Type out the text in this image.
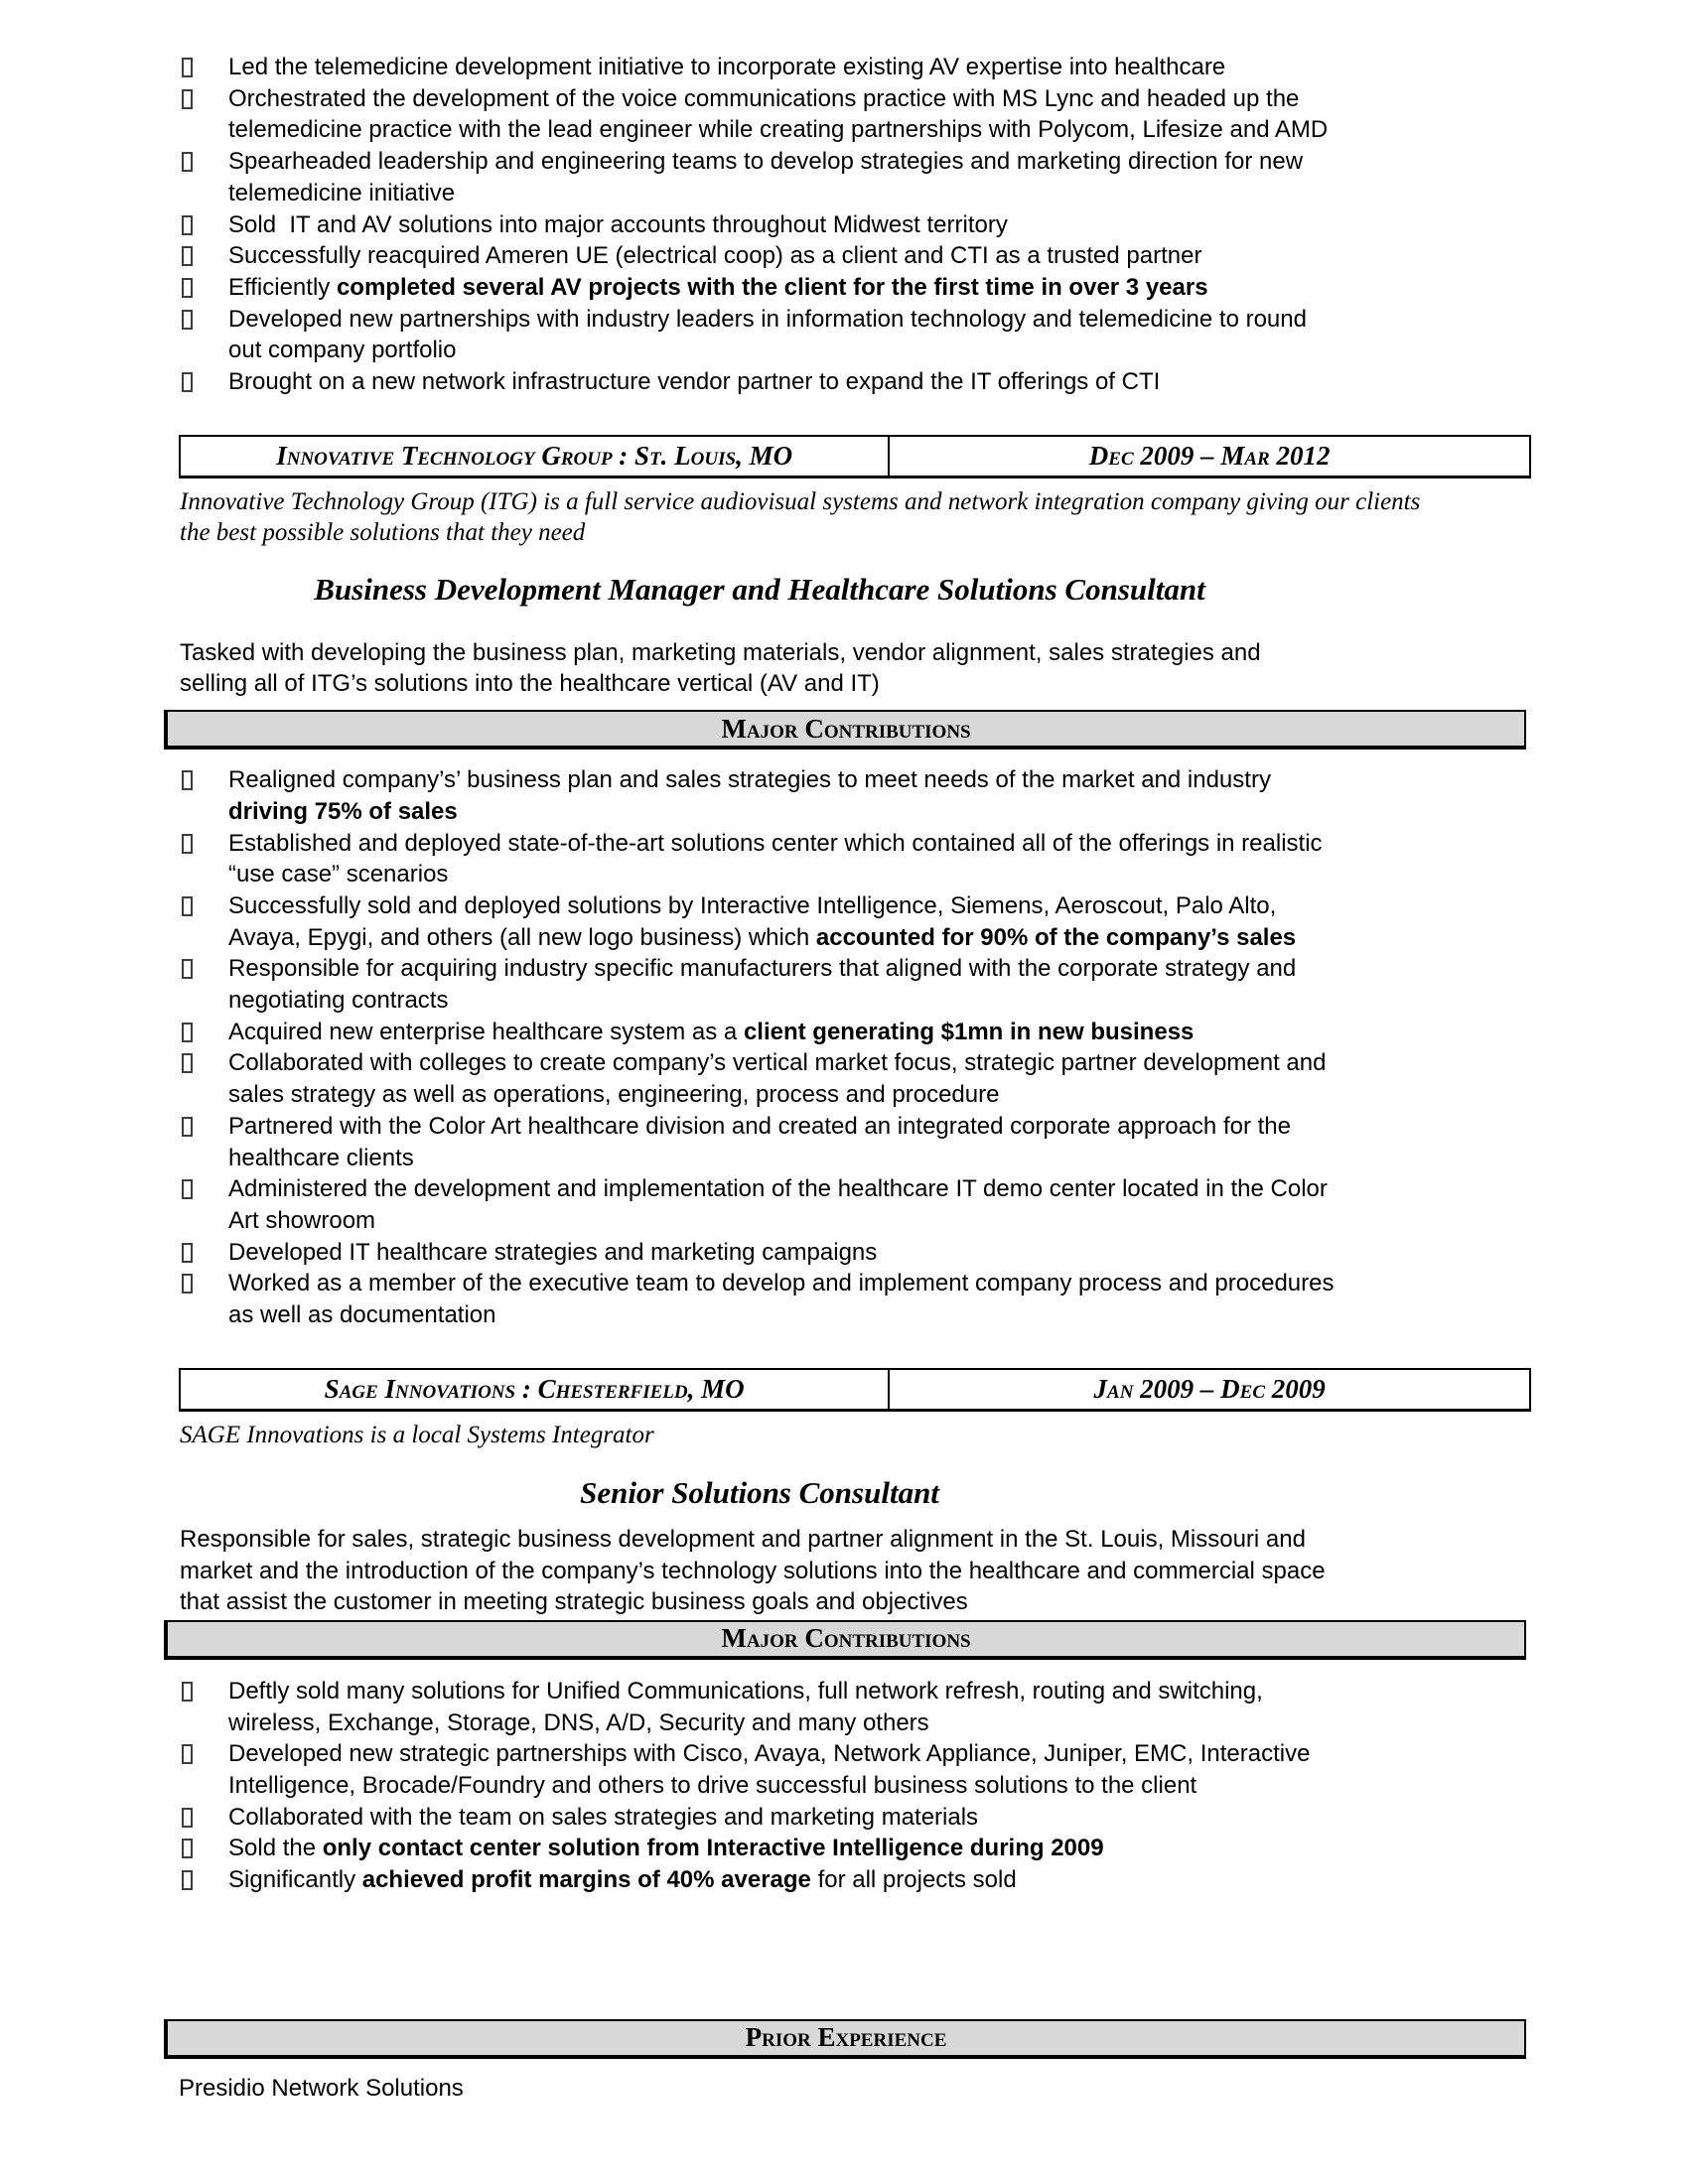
Led the telemedicine development initiative to incorporate existing AV expertise into healthcare
Orchestrated the development of the voice communications practice with MS Lync and headed up the
telemedicine practice with the lead engineer while creating partnerships with Polycom, Lifesize and AMD
Spearheaded leadership and engineering teams to develop strategies and marketing direction for new
telemedicine initiative
Sold  IT and AV solutions into major accounts throughout Midwest territory
Successfully reacquired Ameren UE (electrical coop) as a client and CTI as a trusted partner
Efficiently completed several AV projects with the client for the first time in over 3 years
Developed new partnerships with industry leaders in information technology and telemedicine to round
out company portfolio
Brought on a new network infrastructure vendor partner to expand the IT offerings of CTI
Innovative Technology Group : St. Louis, MO	Dec 2009 – Mar 2012
Innovative Technology Group (ITG) is a full service audiovisual systems and network integration company giving our clients
the best possible solutions that they need
Business Development Manager and Healthcare Solutions Consultant
Tasked with developing the business plan, marketing materials, vendor alignment, sales strategies and
selling all of ITG’s solutions into the healthcare vertical (AV and IT)
Major Contributions
Realigned company’s’ business plan and sales strategies to meet needs of the market and industry
driving 75% of sales
Established and deployed state-of-the-art solutions center which contained all of the offerings in realistic
“use case” scenarios
Successfully sold and deployed solutions by Interactive Intelligence, Siemens, Aeroscout, Palo Alto,
Avaya, Epygi, and others (all new logo business) which accounted for 90% of the company’s sales
Responsible for acquiring industry specific manufacturers that aligned with the corporate strategy and
negotiating contracts
Acquired new enterprise healthcare system as a client generating $1mn in new business
Collaborated with colleges to create company’s vertical market focus, strategic partner development and
sales strategy as well as operations, engineering, process and procedure
Partnered with the Color Art healthcare division and created an integrated corporate approach for the
healthcare clients
Administered the development and implementation of the healthcare IT demo center located in the Color
Art showroom
Developed IT healthcare strategies and marketing campaigns
Worked as a member of the executive team to develop and implement company process and procedures
as well as documentation
Sage Innovations : Chesterfield, MO	Jan 2009 – Dec 2009
SAGE Innovations is a local Systems Integrator
Senior Solutions Consultant
Responsible for sales, strategic business development and partner alignment in the St. Louis, Missouri and
market and the introduction of the company’s technology solutions into the healthcare and commercial space
that assist the customer in meeting strategic business goals and objectives
Major Contributions
Deftly sold many solutions for Unified Communications, full network refresh, routing and switching,
wireless, Exchange, Storage, DNS, A/D, Security and many others
Developed new strategic partnerships with Cisco, Avaya, Network Appliance, Juniper, EMC, Interactive
Intelligence, Brocade/Foundry and others to drive successful business solutions to the client
Collaborated with the team on sales strategies and marketing materials
Sold the only contact center solution from Interactive Intelligence during 2009
Significantly achieved profit margins of 40% average for all projects sold
Prior Experience
Presidio Network Solutions
